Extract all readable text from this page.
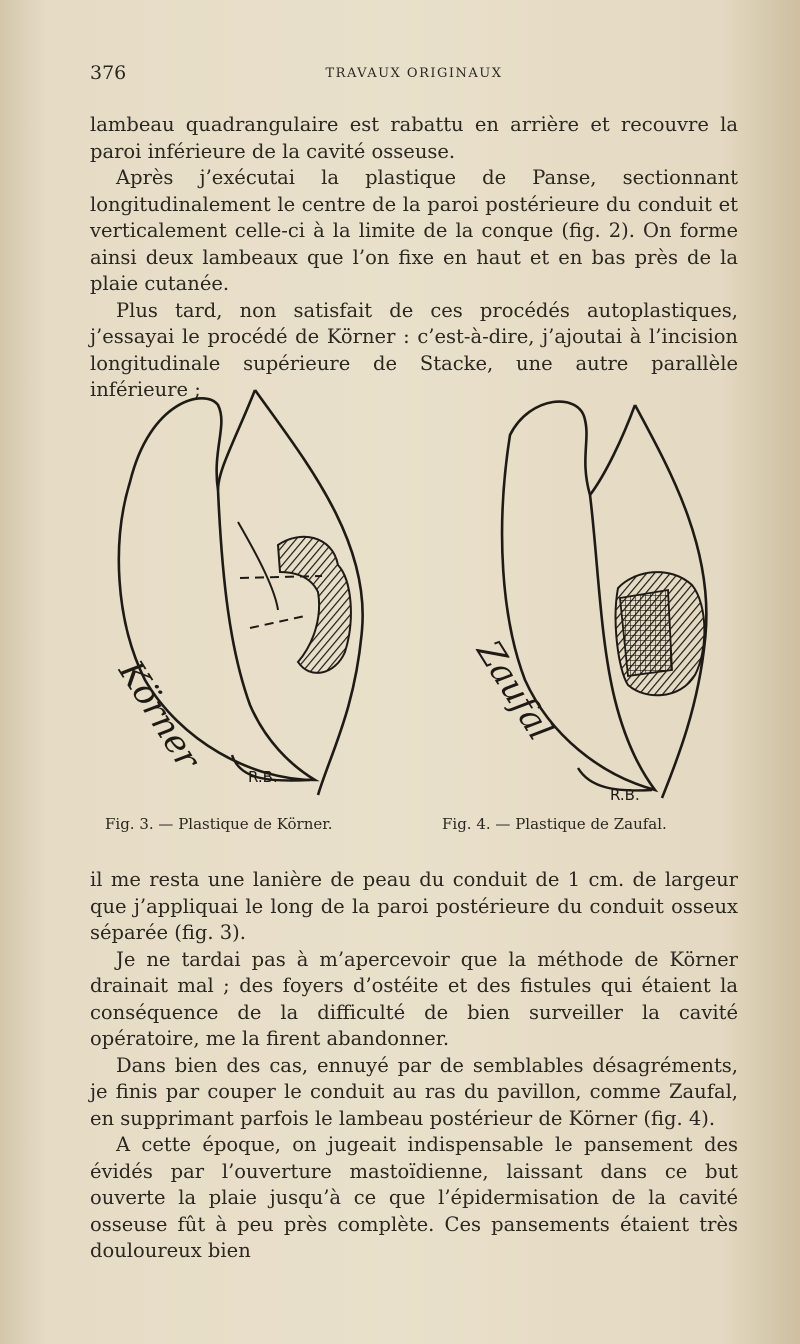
376	TRAVAUX ORIGINAUX

lambeau quadrangulaire est rabattu en arrière et recouvre la paroi inférieure de la cavité osseuse.

Après j’exécutai la plastique de Panse, sectionnant longitudinalement le centre de la paroi postérieure du conduit et verticalement celle-ci à la limite de la conque (fig. 2). On forme ainsi deux lambeaux que l’on fixe en haut et en bas près de la plaie cutanée.

Plus tard, non satisfait de ces procédés autoplastiques, j’essayai le procédé de Körner : c’est-à-dire, j’ajoutai à l’incision longitudinale supérieure de Stacke, une autre parallèle inférieure ;

Körner
R.B.
Fig. 3. — Plastique de Körner.
Zaufal
R.B.
Fig. 4. — Plastique de Zaufal.

il me resta une lanière de peau du conduit de 1 cm. de largeur que j’appliquai le long de la paroi postérieure du conduit osseux séparée (fig. 3).

Je ne tardai pas à m’apercevoir que la méthode de Körner drainait mal ; des foyers d’ostéite et des fistules qui étaient la conséquence de la difficulté de bien surveiller la cavité opératoire, me la firent abandonner.

Dans bien des cas, ennuyé par de semblables désagréments, je finis par couper le conduit au ras du pavillon, comme Zaufal, en supprimant parfois le lambeau postérieur de Körner (fig. 4).

A cette époque, on jugeait indispensable le pansement des évidés par l’ouverture mastoïdienne, laissant dans ce but ouverte la plaie jusqu’à ce que l’épidermisation de la cavité osseuse fût à peu près complète. Ces pansements étaient très douloureux bien
